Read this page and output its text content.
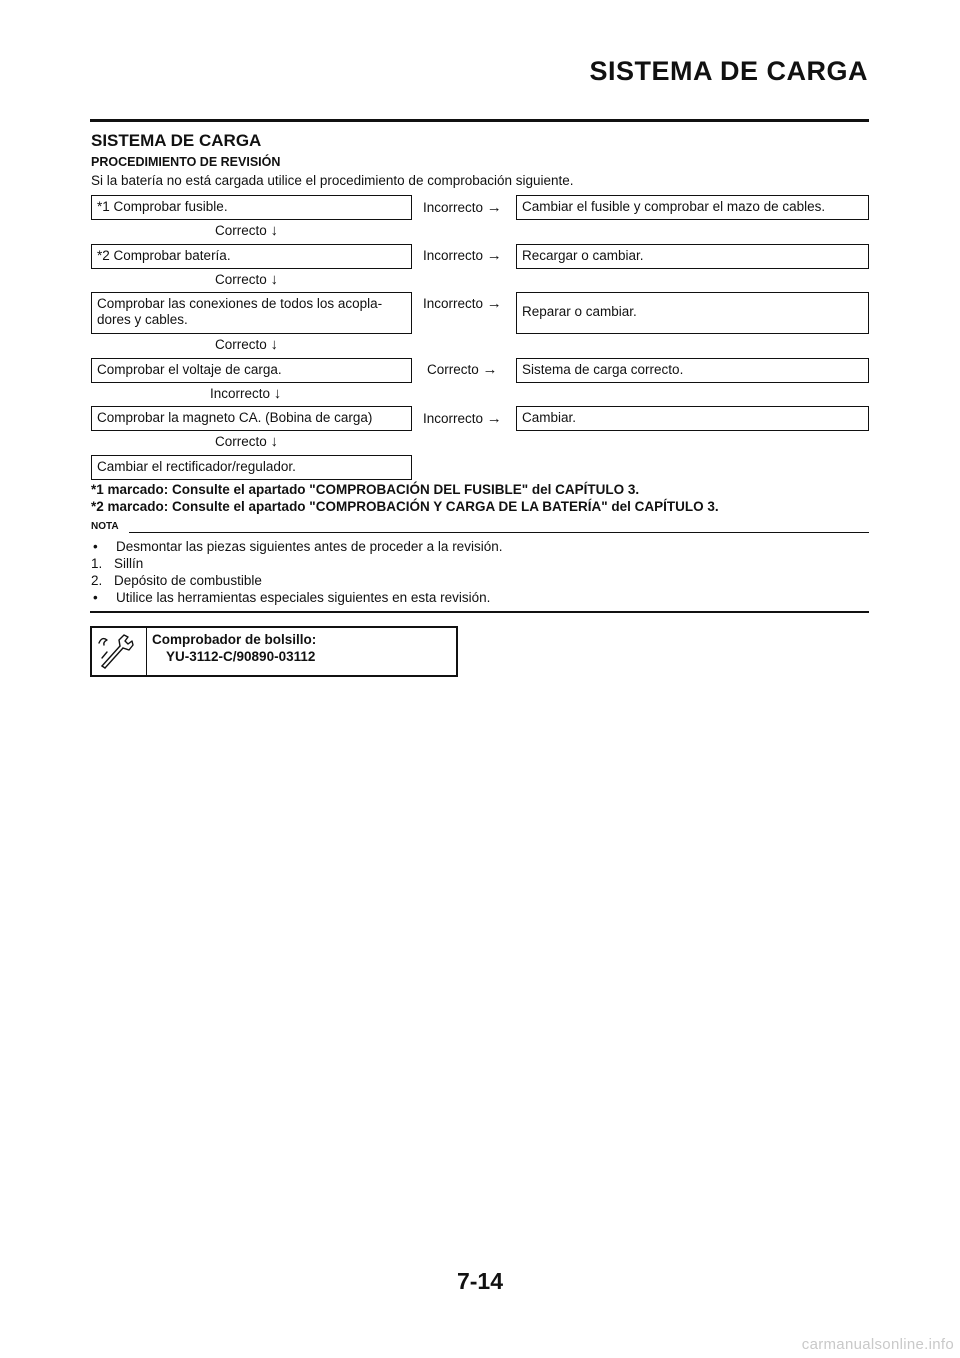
SISTEMA DE CARGA
SISTEMA DE CARGA
PROCEDIMIENTO DE REVISIÓN
Si la batería no está cargada utilice el procedimiento de comprobación siguiente.
*1 Comprobar fusible.	Incorrecto →	Cambiar el fusible y comprobar el mazo de cables.
Correcto ↓
*2 Comprobar batería.	Incorrecto →	Recargar o cambiar.
Correcto ↓
Comprobar las conexiones de todos los acopla-
dores y cables.
Incorrecto →	Reparar o cambiar.
Correcto ↓
Comprobar el voltaje de carga.	Correcto →	Sistema de carga correcto.
Incorrecto ↓
Comprobar la magneto CA. (Bobina de carga)	Incorrecto →	Cambiar.
Correcto ↓
Cambiar el rectificador/regulador.
*1 marcado: Consulte el apartado "COMPROBACIÓN DEL FUSIBLE" del CAPÍTULO 3.
*2 marcado: Consulte el apartado "COMPROBACIÓN Y CARGA DE LA BATERÍA" del CAPÍTULO 3.
NOTA
• Desmontar las piezas siguientes antes de proceder a la revisión.
1. Sillín
2. Depósito de combustible
• Utilice las herramientas especiales siguientes en esta revisión.
Comprobador de bolsillo:
YU-3112-C/90890-03112
7-14
carmanualsonline.info
